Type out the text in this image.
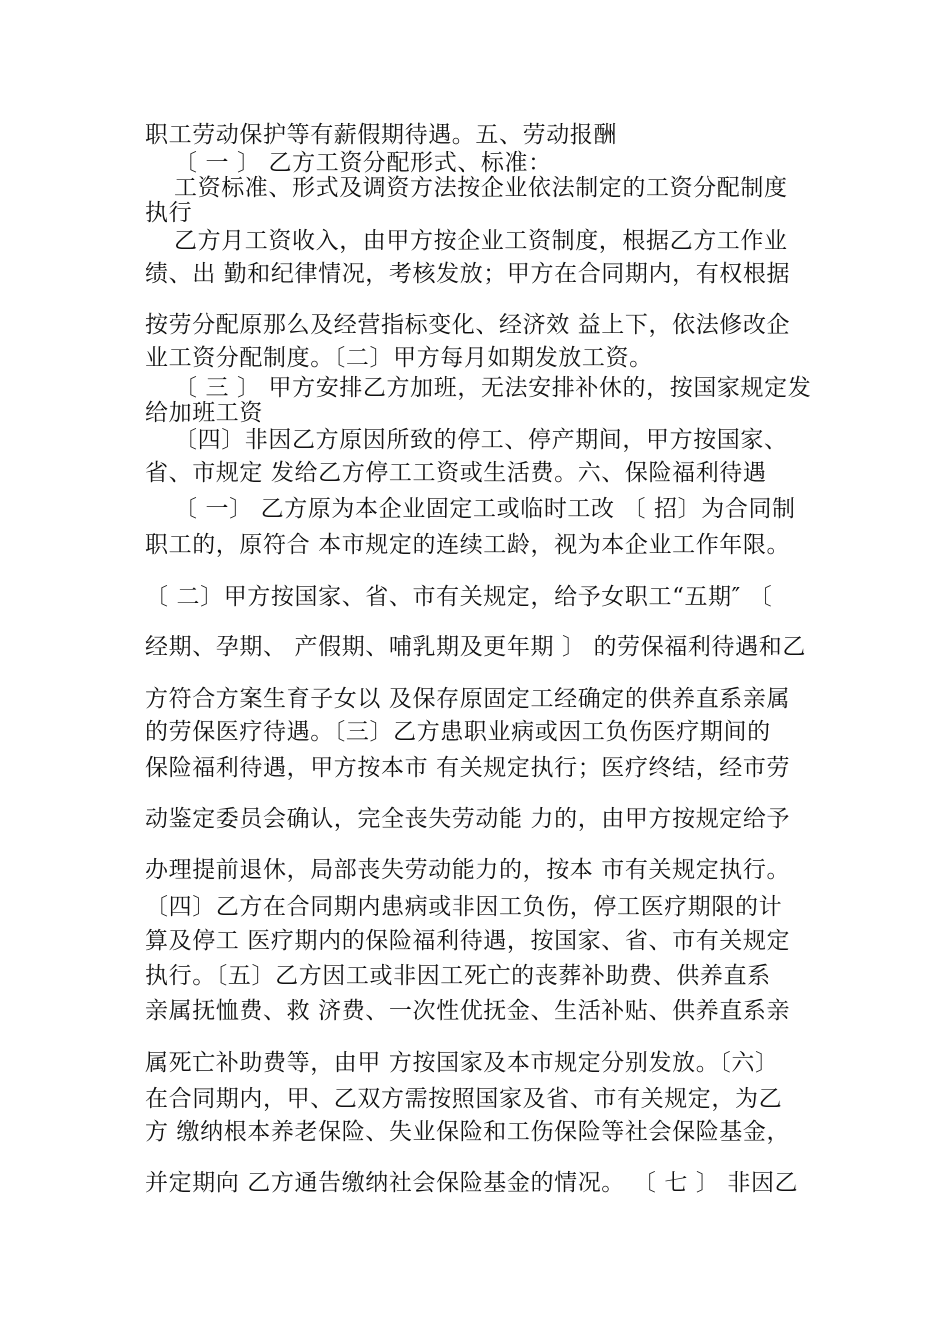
职工劳动保护等有薪假期待遇。五、劳动报酬
〔 一 〕 乙方工资分配形式、标准：
工资标准、形式及调资方法按企业依法制定的工资分配制度
执行
乙方月工资收入，由甲方按企业工资制度，根据乙方工作业
绩、出 勤和纪律情况，考核发放；甲方在合同期内，有权根据
按劳分配原那么及经营指标变化、经济效 益上下，依法修改企
业工资分配制度。〔二〕甲方每月如期发放工资。
〔 三 〕 甲方安排乙方加班，无法安排补休的，按国家规定发
给加班工资
〔四〕非因乙方原因所致的停工、停产期间，甲方按国家、
省、市规定 发给乙方停工工资或生活费。六、保险福利待遇
〔 一〕 乙方原为本企业固定工或临时工改 〔 招〕为合同制
职工的，原符合 本市规定的连续工龄，视为本企业工作年限。
〔 二〕甲方按国家、省、市有关规定，给予女职工“五期″ 〔
经期、孕期、 产假期、哺乳期及更年期 〕 的劳保福利待遇和乙
方符合方案生育子女以 及保存原固定工经确定的供养直系亲属
的劳保医疗待遇。〔三〕乙方患职业病或因工负伤医疗期间的
保险福利待遇，甲方按本市 有关规定执行；医疗终结，经市劳
动鉴定委员会确认，完全丧失劳动能 力的，由甲方按规定给予
办理提前退休，局部丧失劳动能力的，按本 市有关规定执行。
〔四〕乙方在合同期内患病或非因工负伤，停工医疗期限的计
算及停工 医疗期内的保险福利待遇，按国家、省、市有关规定
执行。〔五〕乙方因工或非因工死亡的丧葬补助费、供养直系
亲属抚恤费、救 济费、一次性优抚金、生活补贴、供养直系亲
属死亡补助费等，由甲 方按国家及本市规定分别发放。〔六〕
在合同期内，甲、乙双方需按照国家及省、市有关规定，为乙
方 缴纳根本养老保险、失业保险和工伤保险等社会保险基金，
并定期向 乙方通告缴纳社会保险基金的情况。 〔 七 〕 非因乙
